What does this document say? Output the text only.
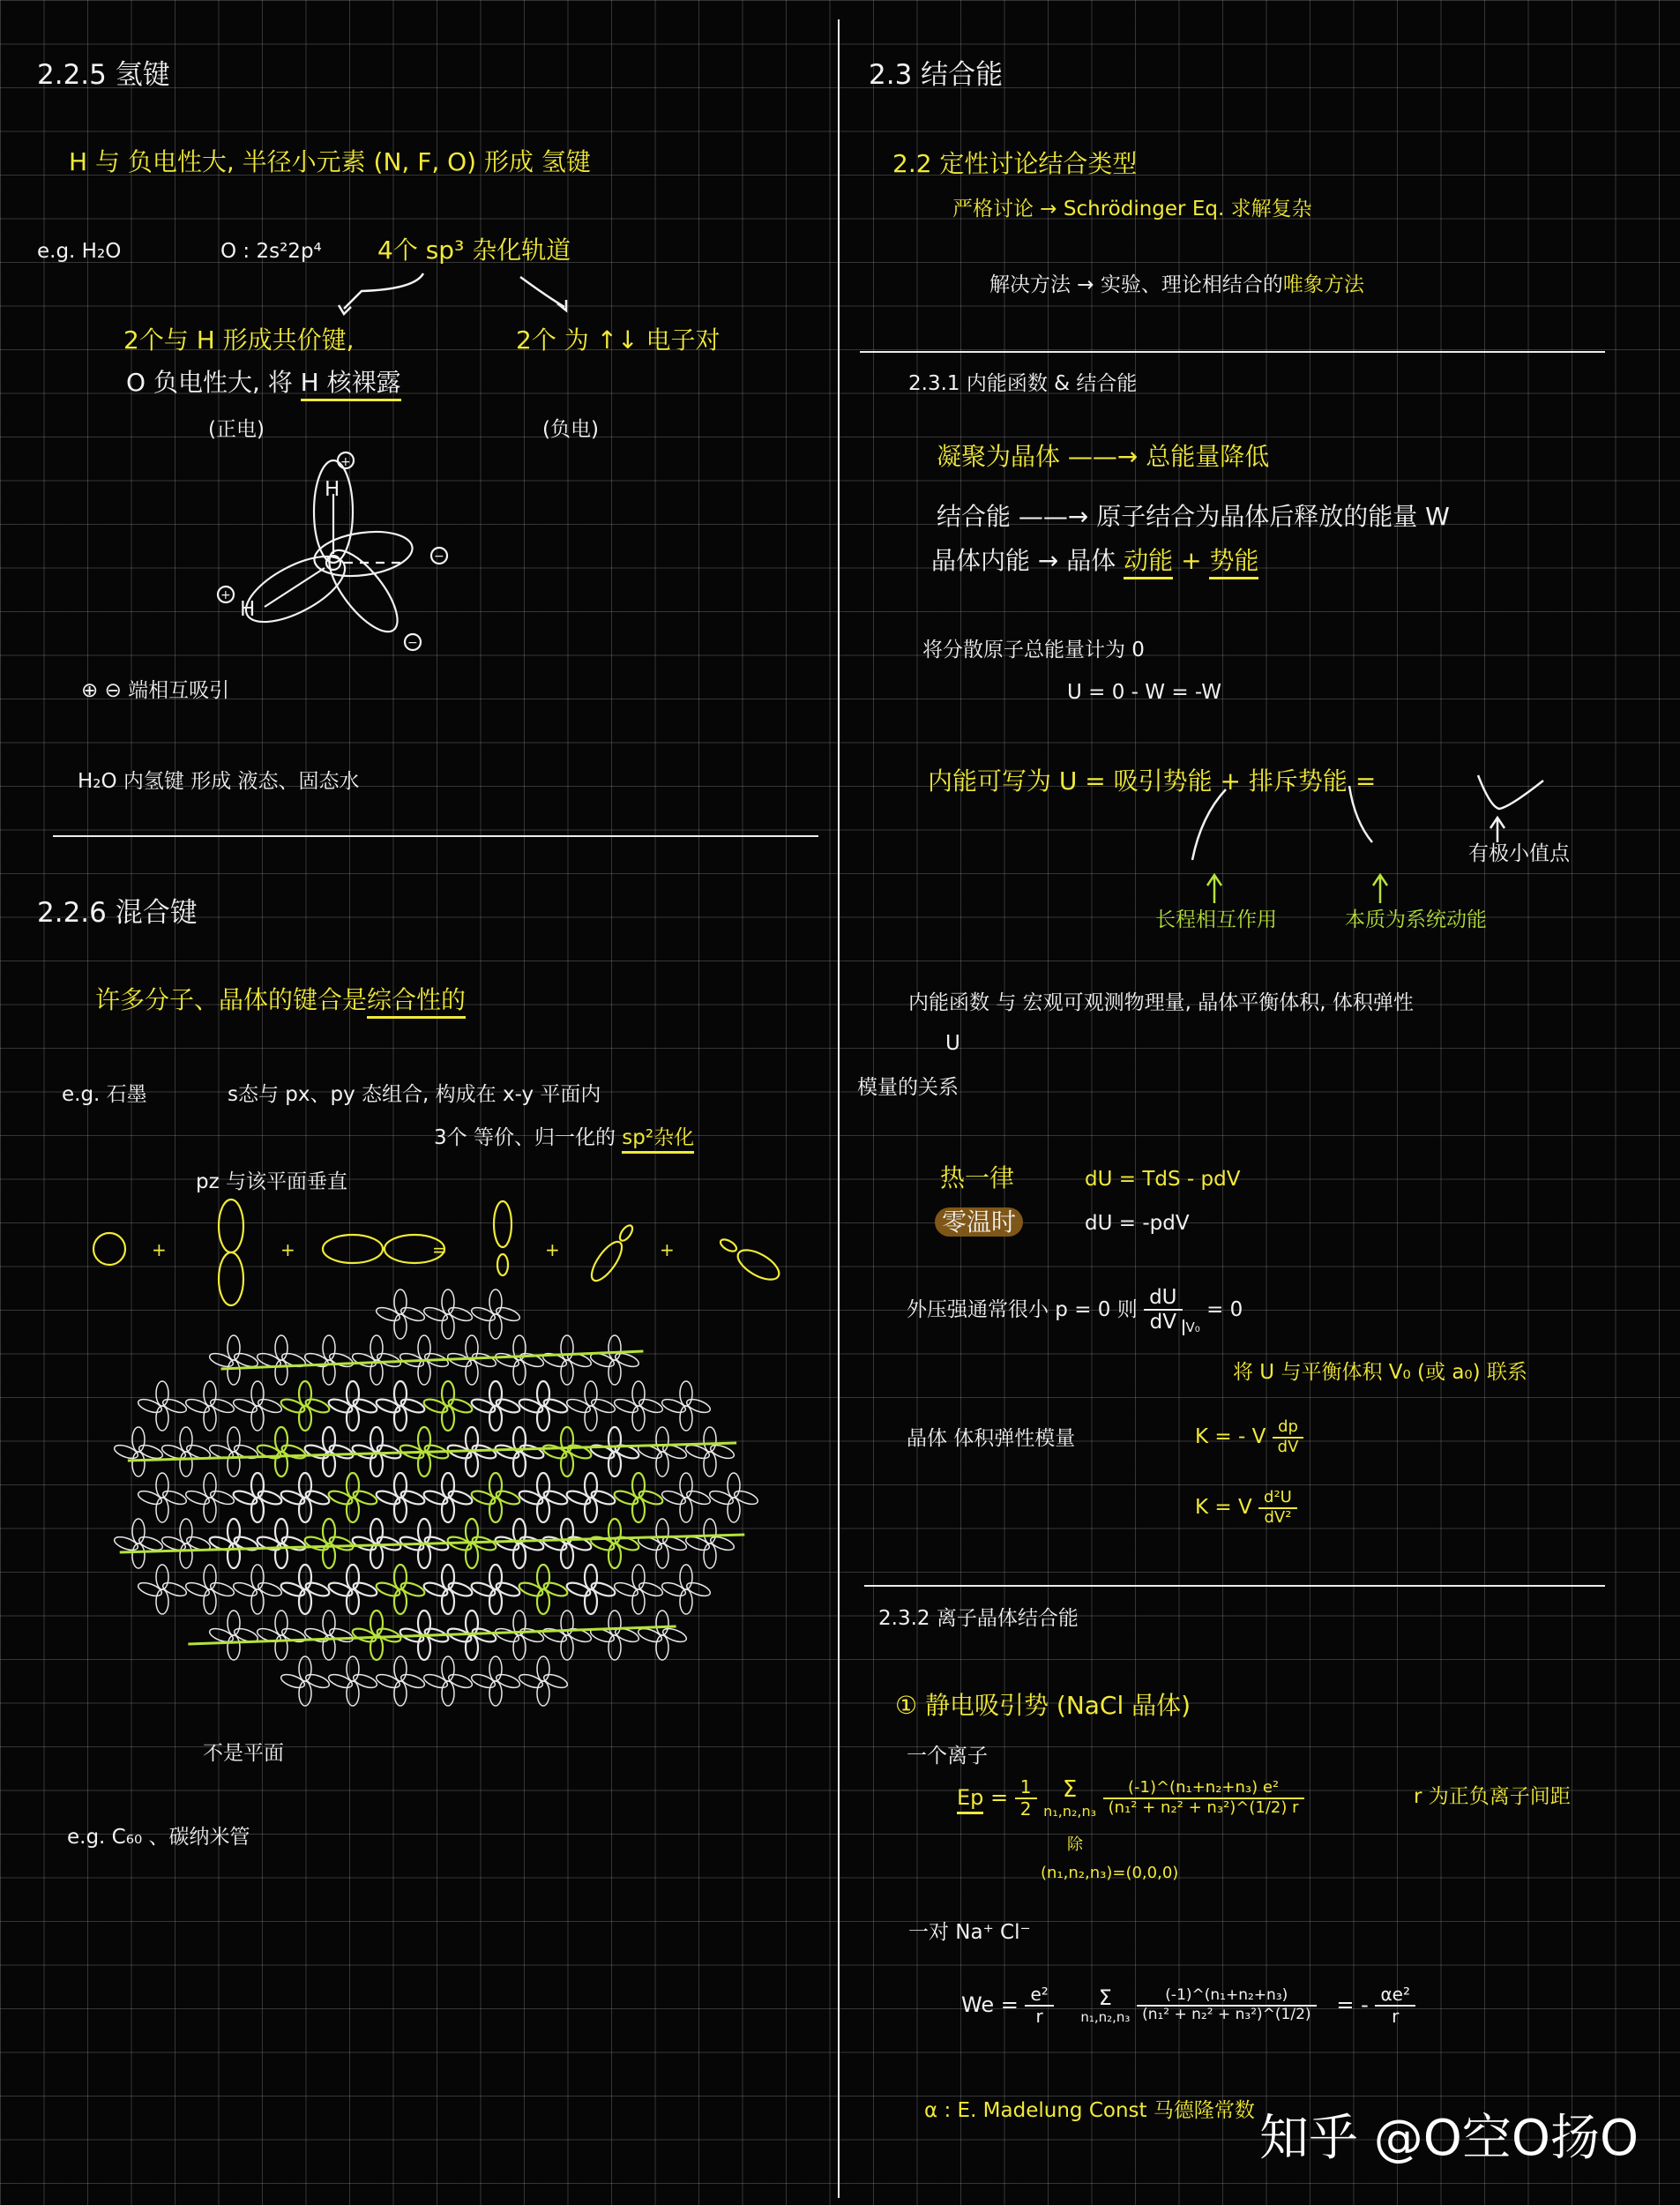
2.2.5 氢键
H 与 负电性大, 半径小元素 (N, F, O) 形成 氢键
e.g. H₂O	O : 2s²2p⁴ 4个 sp³ 杂化轨道
2个与 H 形成共价键,	2个 为 ↑↓ 电子对
O 负电性大, 将 H 核裸露
(正电)	(负电)
+
+
−
−
H
H
⊕ ⊖ 端相互吸引
H₂O 内氢键 形成 液态、固态水
2.2.6 混合键
许多分子、晶体的键合是综合性的
e.g. 石墨	s态与 px、py 态组合, 构成在 x-y 平面内
3个 等价、归一化的 sp²杂化
pz 与该平面垂直
+	+	=	+	+
不是平面
e.g. C₆₀ 、碳纳米管
2.3 结合能
2.2 定性讨论结合类型
严格讨论 → Schrödinger Eq. 求解复杂
解决方法 → 实验、理论相结合的唯象方法
2.3.1 内能函数 & 结合能
凝聚为晶体 ——→ 总能量降低
结合能 ——→ 原子结合为晶体后释放的能量 W
晶体内能 → 晶体 动能 + 势能
将分散原子总能量计为 0
U = 0 - W = -W
内能可写为 U = 吸引势能 + 排斥势能 =
有极小值点
长程相互作用	本质为系统动能
内能函数 与 宏观可观测物理量, 晶体平衡体积, 体积弹性
U
模量的关系
热一律	dU = TdS - pdV
零温时	dU = -pdV
外压强通常很小 p = 0 则 $\frac{dU}{dV} _{V_0} = 0$
将 U 与平衡体积 V₀ (或 a₀) 联系
晶体 体积弹性模量	K = - V $\frac{dp}{dV}$
K = V $\frac{\text{d²U}}{\text{dV²}}$
2.3.2 离子晶体结合能
① 静电吸引势 (NaCl 晶体)
一个离子
$Ep = \frac{1}{2}$
	Σ
n₁,n₂,n₃
$\frac{\text{(-1)\textasciicircum{}(n₁+n₂+n₃) e²}}{\text{(n₁² + n₂² + n₃²)\textasciicircum{}(1/2) r}}$
除
(n₁,n₂,n₃)=(0,0,0)
r 为正负离子间距
一对 Na⁺ Cl⁻
$We = \frac{\text{e²}}{r}$
	Σ
n₁,n₂,n₃
$\frac{\text{(-1)\textasciicircum{}(n₁+n₂+n₃)}}{\text{(n₁² + n₂² + n₃²)\textasciicircum{}(1/2)}}$ = - $\frac{\text{αe²}}{r}$
α : E. Madelung Const 马德隆常数 知乎 @O空O扬O
